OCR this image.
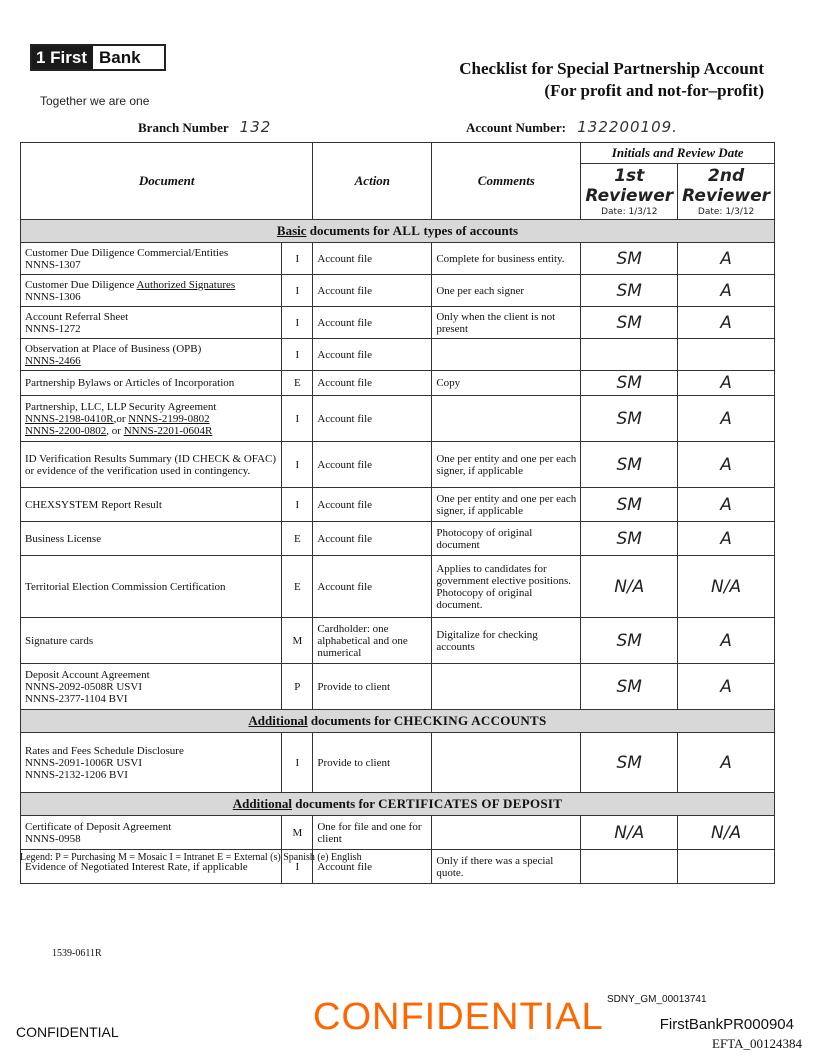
1 First Bank
Together we are one
Checklist for Special Partnership Account
(For profit and not-for–profit)
Branch Number 132	Account Number: 132200109.
Document		Action	Comments	Initials and Review Date	
				1st Reviewer
Date: 1/3/12	2nd Reviewer
Date: 1/3/12

Basic documents for ALL types of accounts					

Customer Due Diligence Commercial/Entities
NNNS-1307	I	Account file	Complete for business entity.	SM	A

Customer Due Diligence Authorized Signatures
NNNS-1306	I	Account file	One per each signer	SM	A

Account Referral Sheet
NNNS-1272	I	Account file	Only when the client is not present	SM	A

Observation at Place of Business (OPB)
NNNS-2466	I	Account file			
Partnership Bylaws or Articles of Incorporation	E	Account file	Copy	SM	A

Partnership, LLC, LLP Security Agreement
NNNS-2198-0410R,or NNNS-2199-0802
NNNS-2200-0802, or NNNS-2201-0604R	I	Account file		SM	A
ID Verification Results Summary (ID CHECK & OFAC) or evidence of the verification used in contingency.	I	Account file	One per entity and one per each signer, if applicable	SM	A
CHEXSYSTEM Report Result	I	Account file	One per entity and one per each signer, if applicable	SM	A
Business License	E	Account file	Photocopy of original document	SM	A
Territorial Election Commission Certification	E	Account file	Applies to candidates for government elective positions. Photocopy of original document.	N/A	N/A
Signature cards	M	Cardholder: one alphabetical and one numerical	Digitalize for checking accounts	SM	A

Deposit Account Agreement
NNNS-2092-0508R USVI
NNNS-2377-1104 BVI	P	Provide to client		SM	A
Additional documents for CHECKING ACCOUNTS					

Rates and Fees Schedule Disclosure
NNNS-2091-1006R USVI
NNNS-2132-1206 BVI	I	Provide to client		SM	A
Additional documents for CERTIFICATES OF DEPOSIT					

Certificate of Deposit Agreement
NNNS-0958	M	One for file and one for client		N/A	N/A
Evidence of Negotiated Interest Rate, if applicable	I	Account file	Only if there was a special quote.		
Legend: P = Purchasing M = Mosaic I = Intranet E = External (s) Spanish (e) English
1539-0611R
SDNY_GM_00013741
CONFIDENTIAL	CONFIDENTIAL	FirstBankPR000904
EFTA_00124384
